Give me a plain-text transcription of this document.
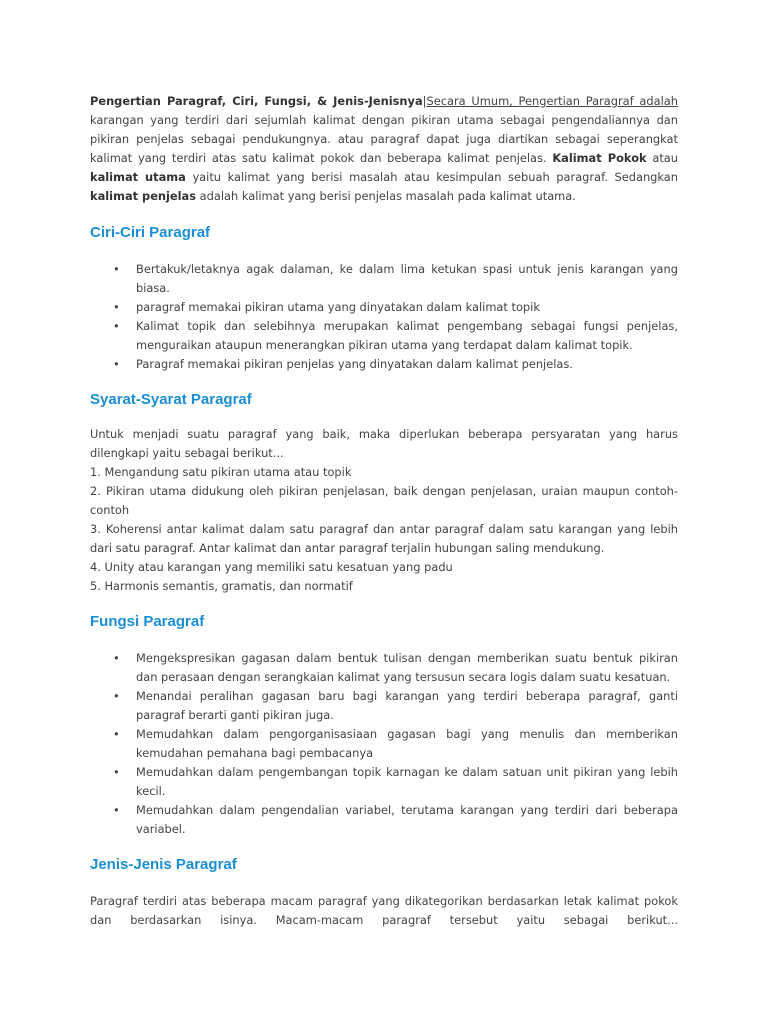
Pengertian Paragraf, Ciri, Fungsi, & Jenis-Jenisnya|Secara Umum, Pengertian Paragraf adalah karangan yang terdiri dari sejumlah kalimat dengan pikiran utama sebagai pengendaliannya dan pikiran penjelas sebagai pendukungnya. atau paragraf dapat juga diartikan sebagai seperangkat kalimat yang terdiri atas satu kalimat pokok dan beberapa kalimat penjelas. Kalimat Pokok atau kalimat utama yaitu kalimat yang berisi masalah atau kesimpulan sebuah paragraf. Sedangkan kalimat penjelas adalah kalimat yang berisi penjelas masalah pada kalimat utama.

Ciri-Ciri Paragraf
• Bertakuk/letaknya agak dalaman, ke dalam lima ketukan spasi untuk jenis karangan yang biasa.
• paragraf memakai pikiran utama yang dinyatakan dalam kalimat topik
• Kalimat topik dan selebihnya merupakan kalimat pengembang sebagai fungsi penjelas, menguraikan ataupun menerangkan pikiran utama yang terdapat dalam kalimat topik.
• Paragraf memakai pikiran penjelas yang dinyatakan dalam kalimat penjelas.
Syarat-Syarat Paragraf

Untuk menjadi suatu paragraf yang baik, maka diperlukan beberapa persyaratan yang harus dilengkapi yaitu sebagai berikut...

1. Mengandung satu pikiran utama atau topik

2. Pikiran utama didukung oleh pikiran penjelasan, baik dengan penjelasan, uraian maupun contoh-contoh

3. Koherensi antar kalimat dalam satu paragraf dan antar paragraf dalam satu karangan yang lebih dari satu paragraf. Antar kalimat dan antar paragraf terjalin hubungan saling mendukung.

4. Unity atau karangan yang memiliki satu kesatuan yang padu

5. Harmonis semantis, gramatis, dan normatif

Fungsi Paragraf
• Mengekspresikan gagasan dalam bentuk tulisan dengan memberikan suatu bentuk pikiran dan perasaan dengan serangkaian kalimat yang tersusun secara logis dalam suatu kesatuan.
• Menandai peralihan gagasan baru bagi karangan yang terdiri beberapa paragraf, ganti paragraf berarti ganti pikiran juga.
• Memudahkan dalam pengorganisasiaan gagasan bagi yang menulis dan memberikan kemudahan pemahana bagi pembacanya
• Memudahkan dalam pengembangan topik karnagan ke dalam satuan unit pikiran yang lebih kecil.
• Memudahkan dalam pengendalian variabel, terutama karangan yang terdiri dari beberapa variabel.
Jenis-Jenis Paragraf

Paragraf terdiri atas beberapa macam paragraf yang dikategorikan berdasarkan letak kalimat pokok dan berdasarkan isinya. Macam-macam paragraf tersebut yaitu sebagai berikut...
